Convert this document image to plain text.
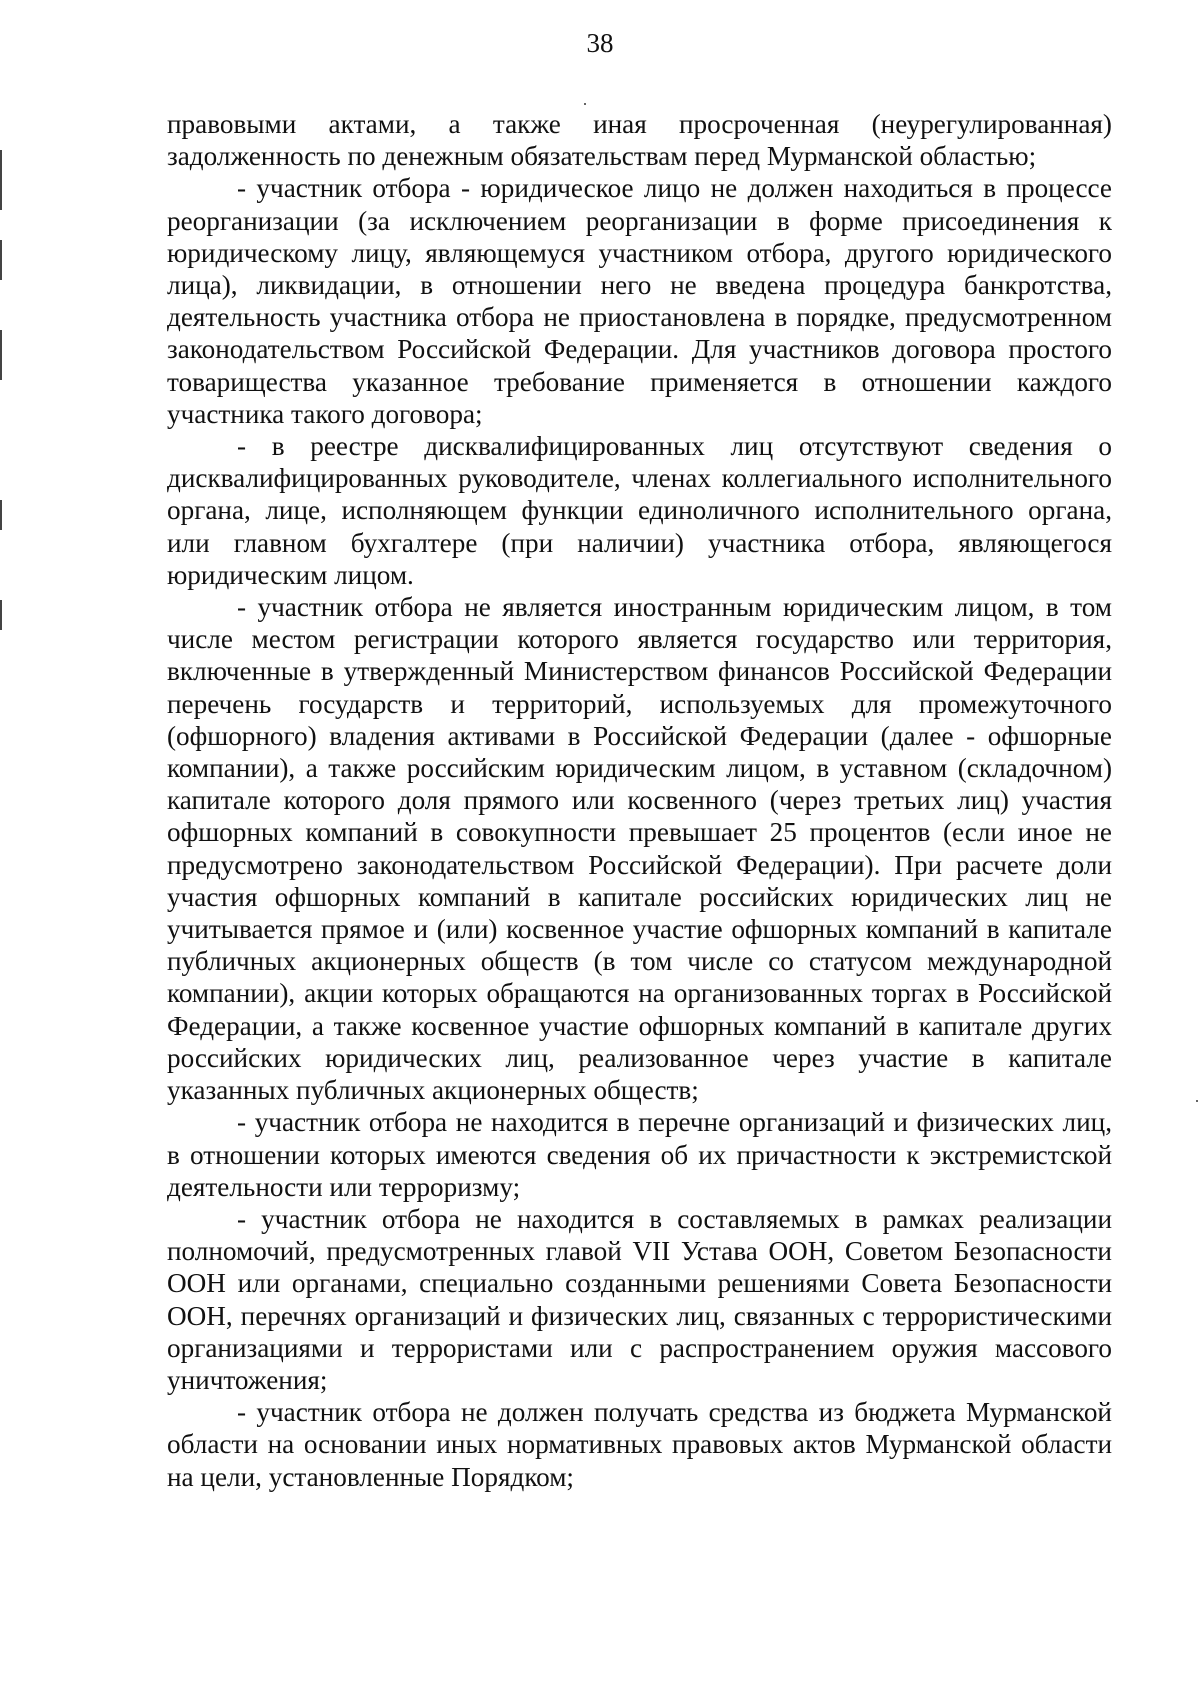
38

правовыми актами, а также иная просроченная (неурегулированная) задолженность по денежным обязательствам перед Мурманской областью;

- участник отбора - юридическое лицо не должен находиться в процессе реорганизации (за исключением реорганизации в форме присоединения к юридическому лицу, являющемуся участником отбора, другого юридического лица), ликвидации, в отношении него не введена процедура банкротства, деятельность участника отбора не приостановлена в порядке, предусмотренном законодательством Российской Федерации. Для участников договора простого товарищества указанное требование применяется в отношении каждого участника такого договора;

- в реестре дисквалифицированных лиц отсутствуют сведения о дисквалифицированных руководителе, членах коллегиального исполнительного органа, лице, исполняющем функции единоличного исполнительного органа, или главном бухгалтере (при наличии) участника отбора, являющегося юридическим лицом.

- участник отбора не является иностранным юридическим лицом, в том числе местом регистрации которого является государство или территория, включенные в утвержденный Министерством финансов Российской Федерации перечень государств и территорий, используемых для промежуточного (офшорного) владения активами в Российской Федерации (далее - офшорные компании), а также российским юридическим лицом, в уставном (складочном) капитале которого доля прямого или косвенного (через третьих лиц) участия офшорных компаний в совокупности превышает 25 процентов (если иное не предусмотрено законодательством Российской Федерации). При расчете доли участия офшорных компаний в капитале российских юридических лиц не учитывается прямое и (или) косвенное участие офшорных компаний в капитале публичных акционерных обществ (в том числе со статусом международной компании), акции которых обращаются на организованных торгах в Российской Федерации, а также косвенное участие офшорных компаний в капитале других российских юридических лиц, реализованное через участие в капитале указанных публичных акционерных обществ;

- участник отбора не находится в перечне организаций и физических лиц, в отношении которых имеются сведения об их причастности к экстремистской деятельности или терроризму;

- участник отбора не находится в составляемых в рамках реализации полномочий, предусмотренных главой VII Устава ООН, Советом Безопасности ООН или органами, специально созданными решениями Совета Безопасности ООН, перечнях организаций и физических лиц, связанных с террористическими организациями и террористами или с распространением оружия массового уничтожения;

- участник отбора не должен получать средства из бюджета Мурманской области на основании иных нормативных правовых актов Мурманской области на цели, установленные Порядком;
